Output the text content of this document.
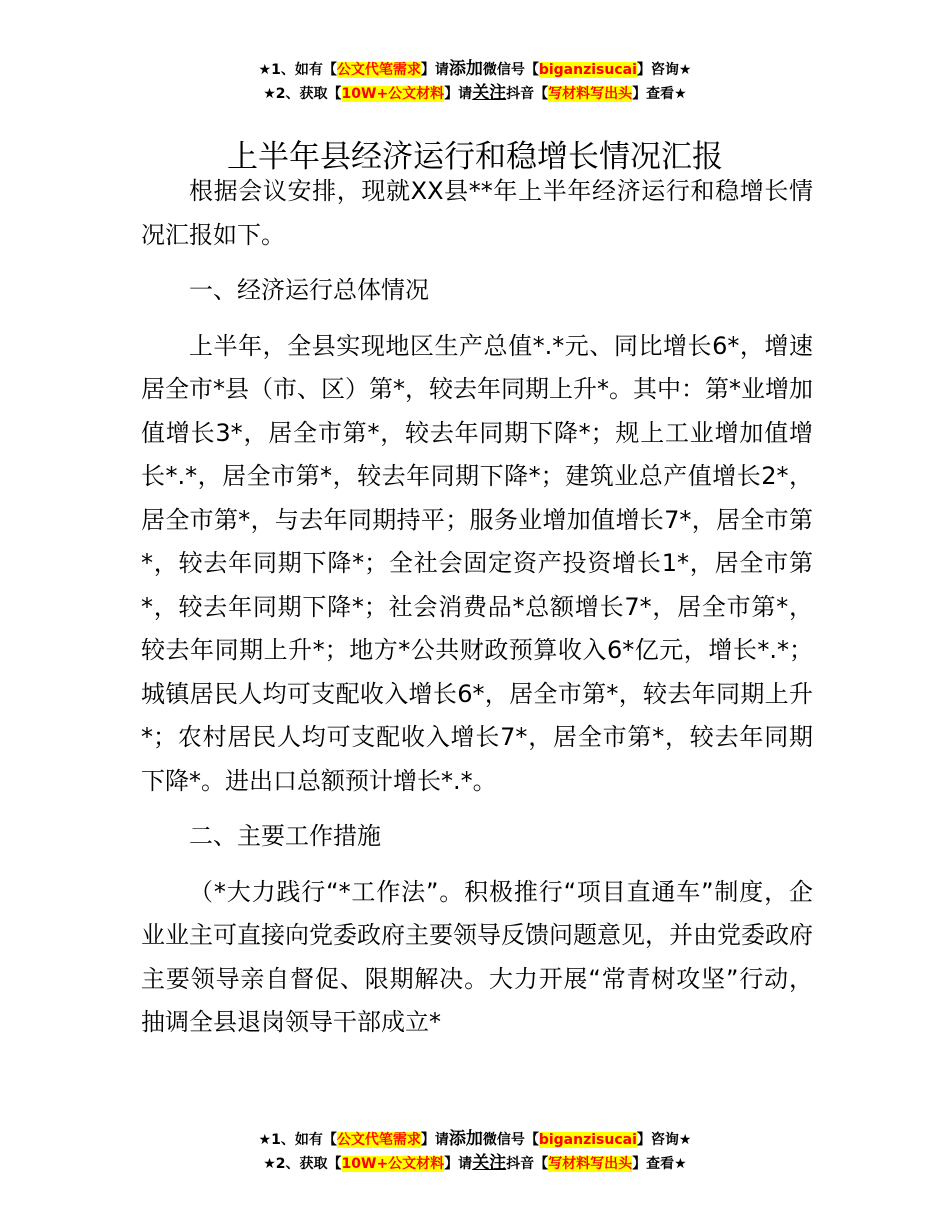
★1、如有【公文代笔需求】请添加微信号【biganzisucai】咨询★
★2、获取【10W+公文材料】请关注抖音【写材料写出头】查看★
上半年县经济运行和稳增长情况汇报

根据会议安排，现就XX县**年上半年经济运行和稳增长情况汇报如下。

一、经济运行总体情况

上半年，全县实现地区生产总值*.*元、同比增长6*，增速居全市*县（市、区）第*，较去年同期上升*。其中：第*业增加值增长3*，居全市第*，较去年同期下降*；规上工业增加值增长*.*，居全市第*，较去年同期下降*；建筑业总产值增长2*，居全市第*，与去年同期持平；服务业增加值增长7*，居全市第*，较去年同期下降*；全社会固定资产投资增长1*，居全市第*，较去年同期下降*；社会消费品*总额增长7*，居全市第*，较去年同期上升*；地方*公共财政预算收入6*亿元，增长*.*；城镇居民人均可支配收入增长6*，居全市第*，较去年同期上升*；农村居民人均可支配收入增长7*，居全市第*，较去年同期下降*。进出口总额预计增长*.*。

二、主要工作措施

（*大力践行“*工作法”。积极推行“项目直通车”制度，企业业主可直接向党委政府主要领导反馈问题意见，并由党委政府主要领导亲自督促、限期解决。大力开展“常青树攻坚”行动，抽调全县退岗领导干部成立*

★1、如有【公文代笔需求】请添加微信号【biganzisucai】咨询★
★2、获取【10W+公文材料】请关注抖音【写材料写出头】查看★
